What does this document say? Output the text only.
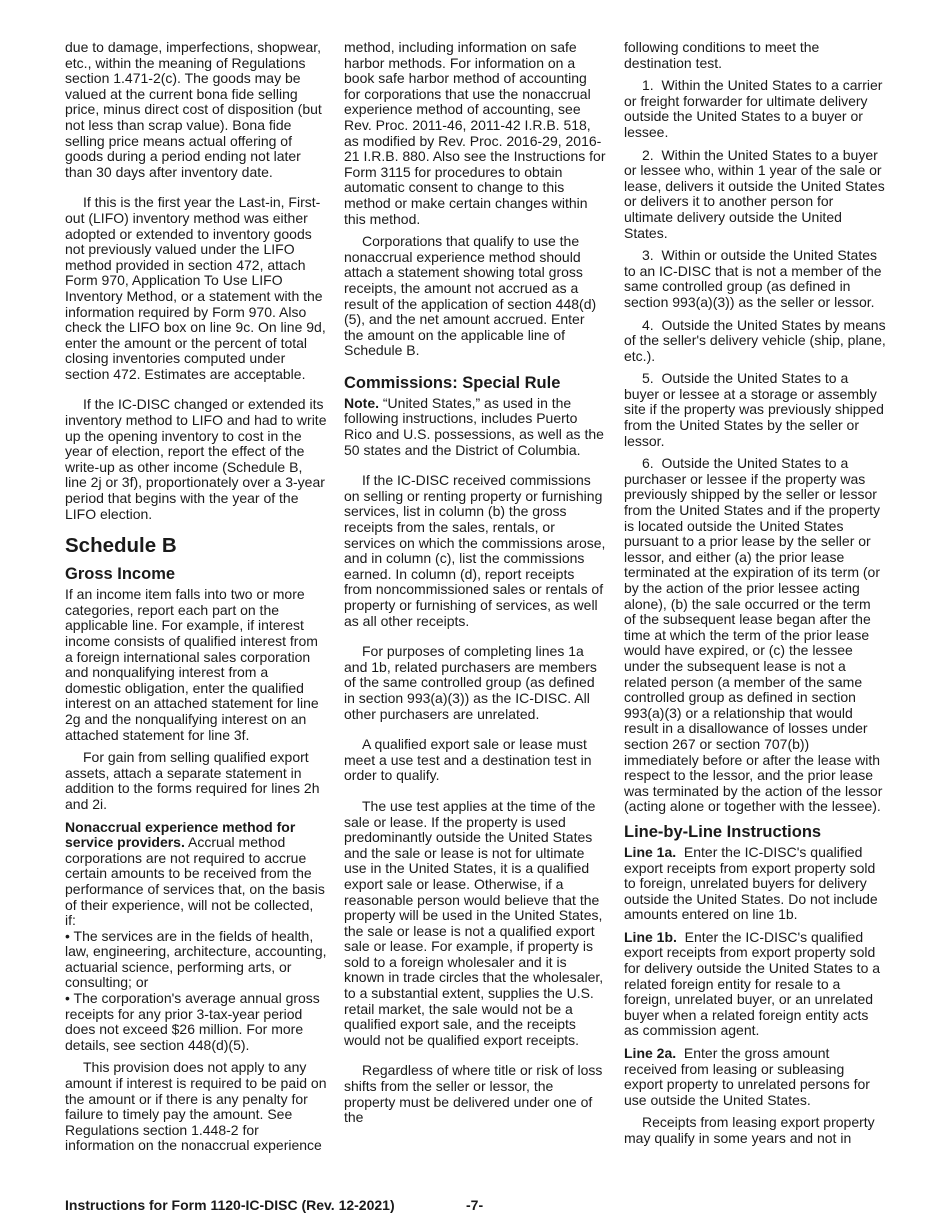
due to damage, imperfections, shopwear, etc., within the meaning of Regulations section 1.471-2(c). The goods may be valued at the current bona fide selling price, minus direct cost of disposition (but not less than scrap value). Bona fide selling price means actual offering of goods during a period ending not later than 30 days after inventory date.

If this is the first year the Last-in, First-out (LIFO) inventory method was either adopted or extended to inventory goods not previously valued under the LIFO method provided in section 472, attach Form 970, Application To Use LIFO Inventory Method, or a statement with the information required by Form 970. Also check the LIFO box on line 9c. On line 9d, enter the amount or the percent of total closing inventories computed under section 472. Estimates are acceptable.

If the IC-DISC changed or extended its inventory method to LIFO and had to write up the opening inventory to cost in the year of election, report the effect of the write-up as other income (Schedule B, line 2j or 3f), proportionately over a 3-year period that begins with the year of the LIFO election.

Schedule B
Gross Income

If an income item falls into two or more categories, report each part on the applicable line. For example, if interest income consists of qualified interest from a foreign international sales corporation and nonqualifying interest from a domestic obligation, enter the qualified interest on an attached statement for line 2g and the nonqualifying interest on an attached statement for line 3f.

For gain from selling qualified export assets, attach a separate statement in addition to the forms required for lines 2h and 2i.

Nonaccrual experience method for service providers. Accrual method corporations are not required to accrue certain amounts to be received from the performance of services that, on the basis of their experience, will not be collected, if:

• The services are in the fields of health, law, engineering, architecture, accounting, actuarial science, performing arts, or consulting; or

• The corporation's average annual gross receipts for any prior 3-tax-year period does not exceed $26 million. For more details, see section 448(d)(5).

This provision does not apply to any amount if interest is required to be paid on the amount or if there is any penalty for failure to timely pay the amount. See Regulations section 1.448-2 for information on the nonaccrual experience

method, including information on safe harbor methods. For information on a book safe harbor method of accounting for corporations that use the nonaccrual experience method of accounting, see Rev. Proc. 2011-46, 2011-42 I.R.B. 518, as modified by Rev. Proc. 2016-29, 2016-21 I.R.B. 880. Also see the Instructions for Form 3115 for procedures to obtain automatic consent to change to this method or make certain changes within this method.

Corporations that qualify to use the nonaccrual experience method should attach a statement showing total gross receipts, the amount not accrued as a result of the application of section 448(d)(5), and the net amount accrued. Enter the amount on the applicable line of Schedule B.

Commissions: Special Rule

Note. “United States,” as used in the following instructions, includes Puerto Rico and U.S. possessions, as well as the 50 states and the District of Columbia.

If the IC-DISC received commissions on selling or renting property or furnishing services, list in column (b) the gross receipts from the sales, rentals, or services on which the commissions arose, and in column (c), list the commissions earned. In column (d), report receipts from noncommissioned sales or rentals of property or furnishing of services, as well as all other receipts.

For purposes of completing lines 1a and 1b, related purchasers are members of the same controlled group (as defined in section 993(a)(3)) as the IC-DISC. All other purchasers are unrelated.

A qualified export sale or lease must meet a use test and a destination test in order to qualify.

The use test applies at the time of the sale or lease. If the property is used predominantly outside the United States and the sale or lease is not for ultimate use in the United States, it is a qualified export sale or lease. Otherwise, if a reasonable person would believe that the property will be used in the United States, the sale or lease is not a qualified export sale or lease. For example, if property is sold to a foreign wholesaler and it is known in trade circles that the wholesaler, to a substantial extent, supplies the U.S. retail market, the sale would not be a qualified export sale, and the receipts would not be qualified export receipts.

Regardless of where title or risk of loss shifts from the seller or lessor, the property must be delivered under one of the

following conditions to meet the destination test.

1.  Within the United States to a carrier or freight forwarder for ultimate delivery outside the United States to a buyer or lessee.

2.  Within the United States to a buyer or lessee who, within 1 year of the sale or lease, delivers it outside the United States or delivers it to another person for ultimate delivery outside the United States.

3.  Within or outside the United States to an IC-DISC that is not a member of the same controlled group (as defined in section 993(a)(3)) as the seller or lessor.

4.  Outside the United States by means of the seller's delivery vehicle (ship, plane, etc.).

5.  Outside the United States to a buyer or lessee at a storage or assembly site if the property was previously shipped from the United States by the seller or lessor.

6.  Outside the United States to a purchaser or lessee if the property was previously shipped by the seller or lessor from the United States and if the property is located outside the United States pursuant to a prior lease by the seller or lessor, and either (a) the prior lease terminated at the expiration of its term (or by the action of the prior lessee acting alone), (b) the sale occurred or the term of the subsequent lease began after the time at which the term of the prior lease would have expired, or (c) the lessee under the subsequent lease is not a related person (a member of the same controlled group as defined in section 993(a)(3) or a relationship that would result in a disallowance of losses under section 267 or section 707(b)) immediately before or after the lease with respect to the lessor, and the prior lease was terminated by the action of the lessor (acting alone or together with the lessee).

Line-by-Line Instructions

Line 1a.  Enter the IC-DISC's qualified export receipts from export property sold to foreign, unrelated buyers for delivery outside the United States. Do not include amounts entered on line 1b.

Line 1b.  Enter the IC-DISC's qualified export receipts from export property sold for delivery outside the United States to a related foreign entity for resale to a foreign, unrelated buyer, or an unrelated buyer when a related foreign entity acts as commission agent.

Line 2a.  Enter the gross amount received from leasing or subleasing export property to unrelated persons for use outside the United States.

Receipts from leasing export property may qualify in some years and not in

Instructions for Form 1120-IC-DISC (Rev. 12-2021)	-7-
